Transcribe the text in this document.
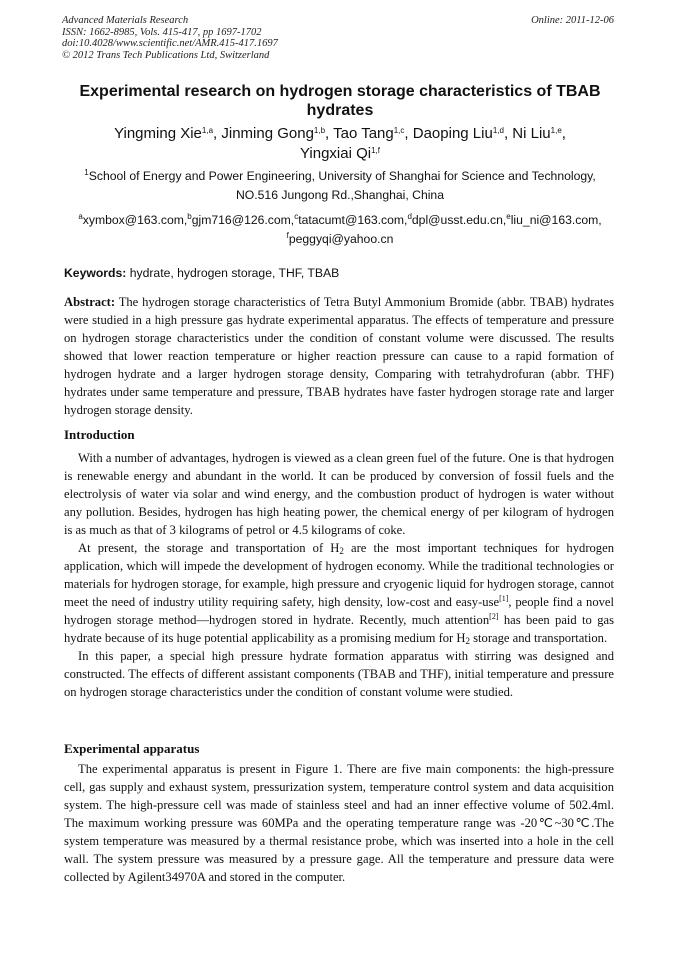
Advanced Materials Research
ISSN: 1662-8985, Vols. 415-417, pp 1697-1702
doi:10.4028/www.scientific.net/AMR.415-417.1697
© 2012 Trans Tech Publications Ltd, Switzerland
Online: 2011-12-06
Experimental research on hydrogen storage characteristics of TBAB hydrates
Yingming Xie$^{1,a}$, Jinming Gong$^{1,b}$, Tao Tang$^{1,c}$, Daoping Liu$^{1,d}$, Ni Liu$^{1,e}$,
Yingxiai Qi$^{1,f}$
$^1$School of Energy and Power Engineering, University of Shanghai for Science and Technology,
NO.516 Jungong Rd.,Shanghai, China
$^a$xymbox@163.com,$^b$gjm716@126.com,$^c$tatacumt@163.com,$^d$dpl@usst.edu.cn,$^e$liu_ni@163.com,
$^f$peggyqi@yahoo.cn
Keywords: hydrate, hydrogen storage, THF, TBAB

Abstract: The hydrogen storage characteristics of Tetra Butyl Ammonium Bromide (abbr. TBAB) hydrates were studied in a high pressure gas hydrate experimental apparatus. The effects of temperature and pressure on hydrogen storage characteristics under the condition of constant volume were discussed. The results showed that lower reaction temperature or higher reaction pressure can cause to a rapid formation of hydrogen hydrate and a larger hydrogen storage density, Comparing with tetrahydrofuran (abbr. THF) hydrates under same temperature and pressure, TBAB hydrates have faster hydrogen storage rate and larger hydrogen storage density.

Introduction

With a number of advantages, hydrogen is viewed as a clean green fuel of the future. One is that hydrogen is renewable energy and abundant in the world. It can be produced by conversion of fossil fuels and the electrolysis of water via solar and wind energy, and the combustion product of hydrogen is water without any pollution. Besides, hydrogen has high heating power, the chemical energy of per kilogram of hydrogen is as much as that of 3 kilograms of petrol or 4.5 kilograms of coke.

At present, the storage and transportation of $H_2$ are the most important techniques for hydrogen application, which will impede the development of hydrogen economy. While the traditional technologies or materials for hydrogen storage, for example, high pressure and cryogenic liquid for hydrogen storage, cannot meet the need of industry utility requiring safety, high density, low-cost and easy-use[1], people find a novel hydrogen storage method—hydrogen stored in hydrate. Recently, much attention[2] has been paid to gas hydrate because of its huge potential applicability as a promising medium for $H_2$ storage and transportation.

In this paper, a special high pressure hydrate formation apparatus with stirring was designed and constructed. The effects of different assistant components (TBAB and THF), initial temperature and pressure on hydrogen storage characteristics under the condition of constant volume were studied.

Experimental apparatus

The experimental apparatus is present in Figure 1. There are five main components: the high-pressure cell, gas supply and exhaust system, pressurization system, temperature control system and data acquisition system. The high-pressure cell was made of stainless steel and had an inner effective volume of 502.4ml. The maximum working pressure was 60MPa and the operating temperature range was -20℃~30℃.The system temperature was measured by a thermal resistance probe, which was inserted into a hole in the cell wall. The system pressure was measured by a pressure gage. All the temperature and pressure data were collected by Agilent34970A and stored in the computer.
